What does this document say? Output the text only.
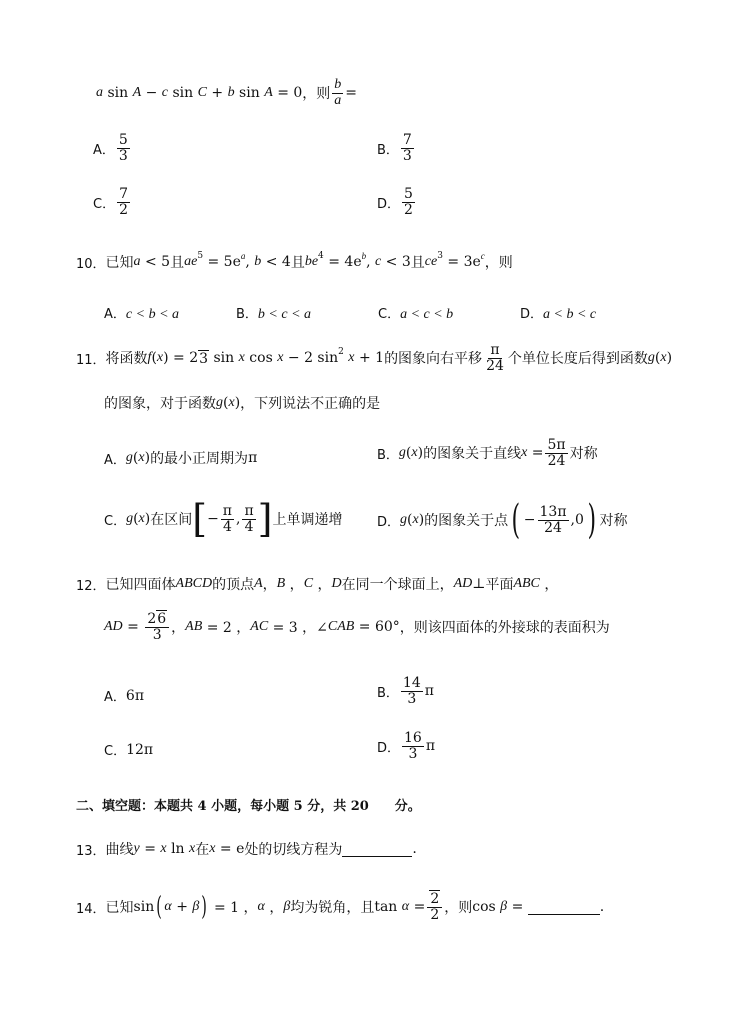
a
sin
A − c
sin
C + b
sin
A = 0 ，则 $\frac{b}{a}$ =
A． $\frac{5}{3}$	B． $\frac{7}{3}$
C． $\frac{7}{2}$	D． $\frac{5}{2}$
10． 已知 a < 5 且 ae 5 = 5e a , b < 4 且 be 4 = 4e b , c < 3 且 ce 3 = 3e c ，则
A．c < b < a	B．b < c < a	C．a < c < b	D．a < b < c
11． 将函数 f ( x ) = 2 3 sin x cos x − 2 sin 2
x + 1 的图象向右平移 $\frac{\pi}{24}$ 个单位长度后得到函数 g ( x )
的图象，对于函数 g ( x ) ，下列说法不正确的是
A． g ( x ) 的最小正周期为 π	B． g ( x ) 的图象关于直线 $x = \frac{5\pi}{24}$ 对称
C． g ( x ) 在区间 [ − $\frac{\pi}{4}$ , $\frac{\pi}{4}$ ] 上单调递增	D． g ( x ) 的图象关于点 ( − $\frac{13\pi}{24} ,0$ ) 对称
12． 已知四面体 ABCD 的顶点 A ， B ， C ， D 在同一个球面上， AD ⊥ 平面 ABC ，
AD = $\frac{26}{3}$ ， AB = 2 ， AC = 3 ，∠ CAB = 60° ，则该四面体的外接球的表面积为
A． 6π	B． $\frac{14}{3}$ π
C． 12π	D． $\frac{16}{3}$ π
二、填空题：本题共 4 小题，每小题 5 分，共 20　　分。
13． 曲线 y = x ln x 在 x = e 处的切线方程为	.
14． 已知 sin ( α + β ) = 1 ， α ， β 均为锐角，且 $\tan \alpha = \frac{2}{2}$ ，则 cos β =	.
